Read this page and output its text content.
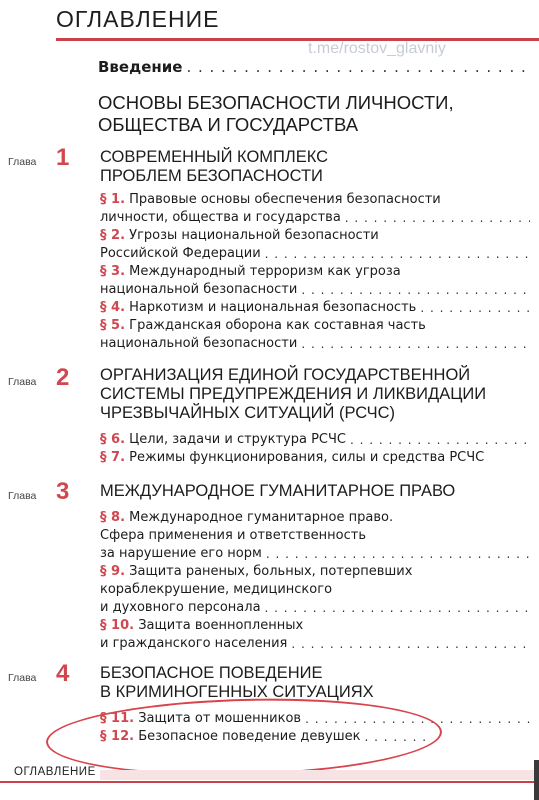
ОГЛАВЛЕНИЕ
t.me/rostov_glavniy
Введение
. . .
ОСНОВЫ БЕЗОПАСНОСТИ ЛИЧНОСТИ,
ОБЩЕСТВА И ГОСУДАРСТВА
Глава 1 СОВРЕМЕННЫЙ КОМПЛЕКС
ПРОБЛЕМ БЕЗОПАСНОСТИ
§ 1. Правовые основы обеспечения безопасности
личности, общества и государства
. . .
§ 2. Угрозы национальной безопасности
Российской Федерации
. . .
§ 3. Международный терроризм как угроза
национальной безопасности
. . .
§ 4. Наркотизм и национальная безопасность
. . .
§ 5. Гражданская оборона как составная часть
национальной безопасности
. . .
Глава 2 ОРГАНИЗАЦИЯ ЕДИНОЙ ГОСУДАРСТВЕННОЙ
СИСТЕМЫ ПРЕДУПРЕЖДЕНИЯ И ЛИКВИДАЦИИ
ЧРЕЗВЫЧАЙНЫХ СИТУАЦИЙ (РСЧС)
§ 6. Цели, задачи и структура РСЧС
. . .
§ 7. Режимы функционирования, силы и средства РСЧС
Глава 3 МЕЖДУНАРОДНОЕ ГУМАНИТАРНОЕ ПРАВО
§ 8. Международное гуманитарное право.
Сфера применения и ответственность
за нарушение его норм
. . .
§ 9. Защита раненых, больных, потерпевших
кораблекрушение, медицинского
и духовного персонала
. . .
§ 10. Защита военнопленных
и гражданского населения
. . .
Глава 4 БЕЗОПАСНОЕ ПОВЕДЕНИЕ
В КРИМИНОГЕННЫХ СИТУАЦИЯХ
§ 11. Защита от мошенников
. . .
§ 12. Безопасное поведение девушек
. . .
ОГЛАВЛЕНИЕ
